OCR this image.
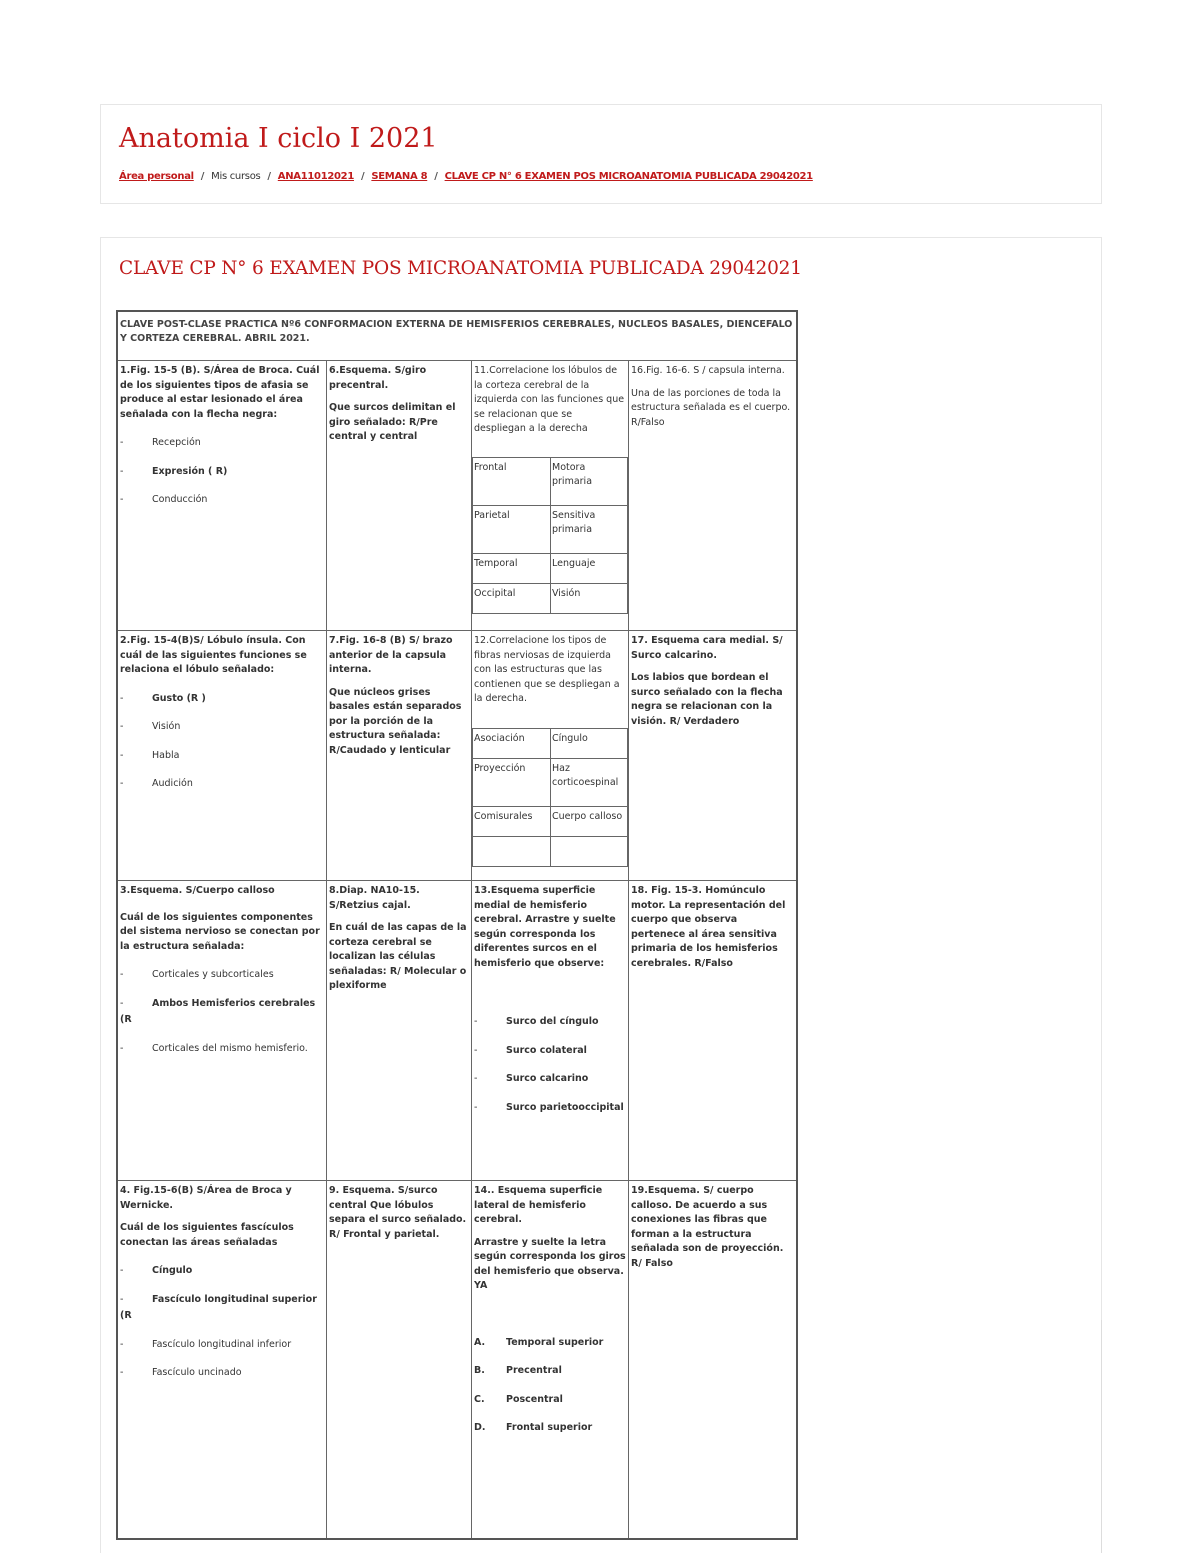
Anatomia I ciclo I 2021
Área personal / Mis cursos / ANA11012021 / SEMANA 8 / CLAVE CP N° 6 EXAMEN POS MICROANATOMIA PUBLICADA 29042021
CLAVE CP N° 6 EXAMEN POS MICROANATOMIA PUBLICADA 29042021
CLAVE POST-CLASE PRACTICA Nº6 CONFORMACION EXTERNA DE HEMISFERIOS CEREBRALES, NUCLEOS BASALES, DIENCEFALO Y CORTEZA CEREBRAL. ABRIL 2021.

1.Fig. 15-5 (B). S/Área de Broca. Cuál de los siguientes tipos de afasia se produce al estar lesionado el área señalada con la flecha negra:

- Recepción
- Expresión ( R)
- Conducción

6.Esquema. S/giro precentral.

Que surcos delimitan el giro señalado: R/Pre central y central

11.Correlacione los lóbulos de la corteza cerebral de la izquierda con las funciones que se relacionan que se despliegan a la derecha

Frontal	Motora primaria
Parietal	Sensitiva primaria
Temporal	Lenguaje
Occipital	Visión

16.Fig. 16-6. S / capsula interna.

Una de las porciones de toda la estructura señalada es el cuerpo. R/Falso

2.Fig. 15-4(B)S/ Lóbulo ínsula. Con cuál de las siguientes funciones se relaciona el lóbulo señalado:

- Gusto (R )
- Visión
- Habla
- Audición

7.Fig. 16-8 (B) S/ brazo anterior de la capsula interna.

Que núcleos grises basales están separados por la porción de la estructura señalada: R/Caudado y lenticular

12.Correlacione los tipos de fibras nerviosas de izquierda con las estructuras que las contienen que se despliegan a la derecha.

Asociación	Cíngulo
Proyección	Haz corticoespinal
Comisurales	Cuerpo calloso

17. Esquema cara medial. S/ Surco calcarino.

Los labios que bordean el surco señalado con la flecha negra se relacionan con la visión. R/ Verdadero

3.Esquema. S/Cuerpo calloso

Cuál de los siguientes componentes del sistema nervioso se conectan por la estructura señalada:

- Corticales y subcorticales
- Ambos Hemisferios cerebrales
(R
- Corticales del mismo hemisferio.

8.Diap. NA10-15. S/Retzius cajal.

En cuál de las capas de la corteza cerebral se localizan las células señaladas: R/ Molecular o plexiforme

13.Esquema superficie medial de hemisferio cerebral. Arrastre y suelte según corresponda los diferentes surcos en el hemisferio que observe:

- Surco del cíngulo
- Surco colateral
- Surco calcarino
- Surco parietooccipital

18. Fig. 15-3. Homúnculo motor. La representación del cuerpo que observa pertenece al área sensitiva primaria de los hemisferios cerebrales. R/Falso

4. Fig.15-6(B) S/Área de Broca y Wernicke.

Cuál de los siguientes fascículos conectan las áreas señaladas

- Cíngulo
- Fascículo longitudinal superior
(R
- Fascículo longitudinal inferior
- Fascículo uncinado

9. Esquema. S/surco central Que lóbulos separa el surco señalado. R/ Frontal y parietal.

14.. Esquema superficie lateral de hemisferio cerebral.

Arrastre y suelte la letra según corresponda los giros del hemisferio que observa. YA

A.	Temporal superior
B.	Precentral
C.	Poscentral
D.	Frontal superior

19.Esquema. S/ cuerpo calloso. De acuerdo a sus conexiones las fibras que forman a la estructura señalada son de proyección. R/ Falso
